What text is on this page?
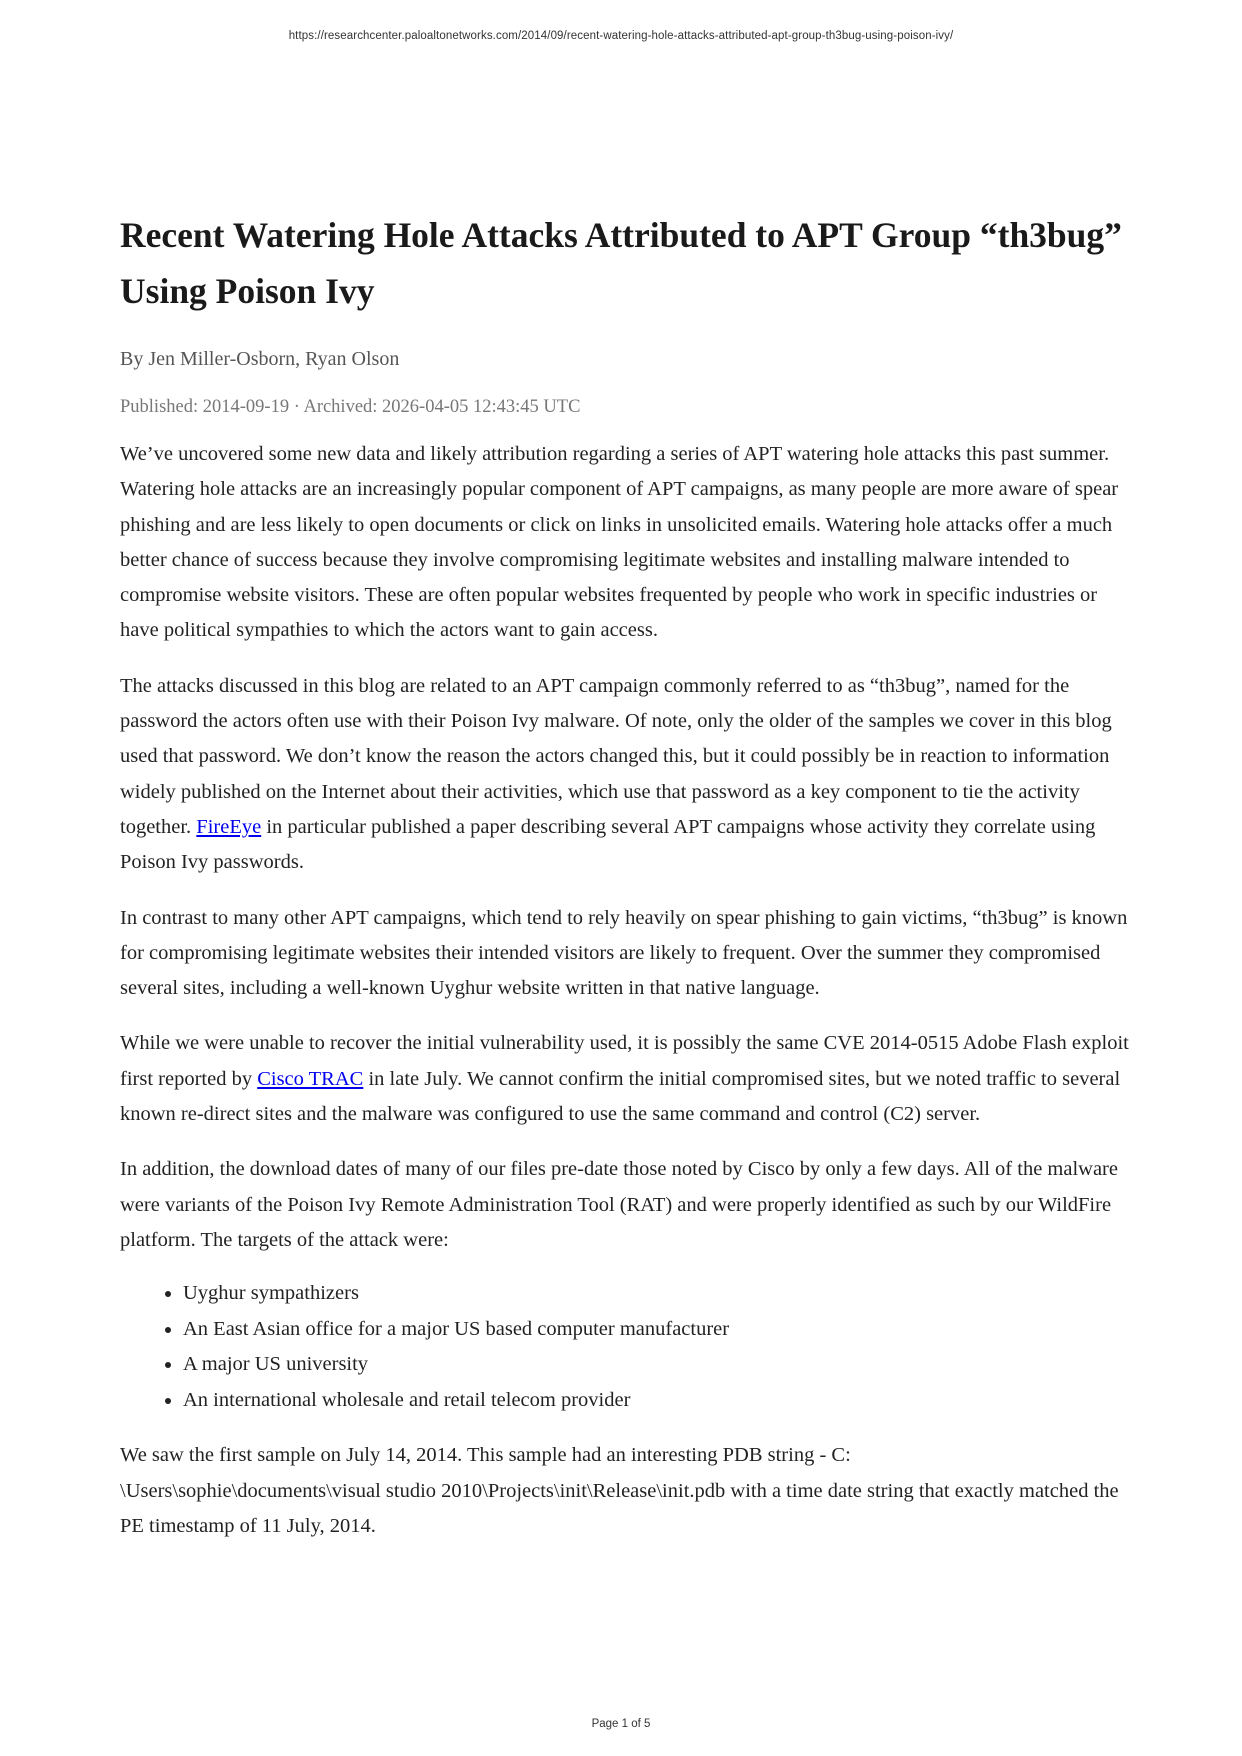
https://researchcenter.paloaltonetworks.com/2014/09/recent-watering-hole-attacks-attributed-apt-group-th3bug-using-poison-ivy/
Recent Watering Hole Attacks Attributed to APT Group “th3bug” Using Poison Ivy
By Jen Miller-Osborn, Ryan Olson
Published: 2014-09-19 · Archived: 2026-04-05 12:43:45 UTC

We’ve uncovered some new data and likely attribution regarding a series of APT watering hole attacks this past summer. Watering hole attacks are an increasingly popular component of APT campaigns, as many people are more aware of spear phishing and are less likely to open documents or click on links in unsolicited emails. Watering hole attacks offer a much better chance of success because they involve compromising legitimate websites and installing malware intended to compromise website visitors. These are often popular websites frequented by people who work in specific industries or have political sympathies to which the actors want to gain access.

The attacks discussed in this blog are related to an APT campaign commonly referred to as “th3bug”, named for the password the actors often use with their Poison Ivy malware. Of note, only the older of the samples we cover in this blog used that password. We don’t know the reason the actors changed this, but it could possibly be in reaction to information widely published on the Internet about their activities, which use that password as a key component to tie the activity together. FireEye in particular published a paper describing several APT campaigns whose activity they correlate using Poison Ivy passwords.

In contrast to many other APT campaigns, which tend to rely heavily on spear phishing to gain victims, “th3bug” is known for compromising legitimate websites their intended visitors are likely to frequent. Over the summer they compromised several sites, including a well-known Uyghur website written in that native language.

While we were unable to recover the initial vulnerability used, it is possibly the same CVE 2014-0515 Adobe Flash exploit first reported by Cisco TRAC in late July. We cannot confirm the initial compromised sites, but we noted traffic to several known re-direct sites and the malware was configured to use the same command and control (C2) server.

In addition, the download dates of many of our files pre-date those noted by Cisco by only a few days. All of the malware were variants of the Poison Ivy Remote Administration Tool (RAT) and were properly identified as such by our WildFire platform. The targets of the attack were:

• Uyghur sympathizers
• An East Asian office for a major US based computer manufacturer
• A major US university
• An international wholesale and retail telecom provider

We saw the first sample on July 14, 2014. This sample had an interesting PDB string - C:
\Users\sophie\documents\visual studio 2010\Projects\init\Release\init.pdb with a time date string that exactly matched the PE timestamp of 11 July, 2014.

Page 1 of 5
